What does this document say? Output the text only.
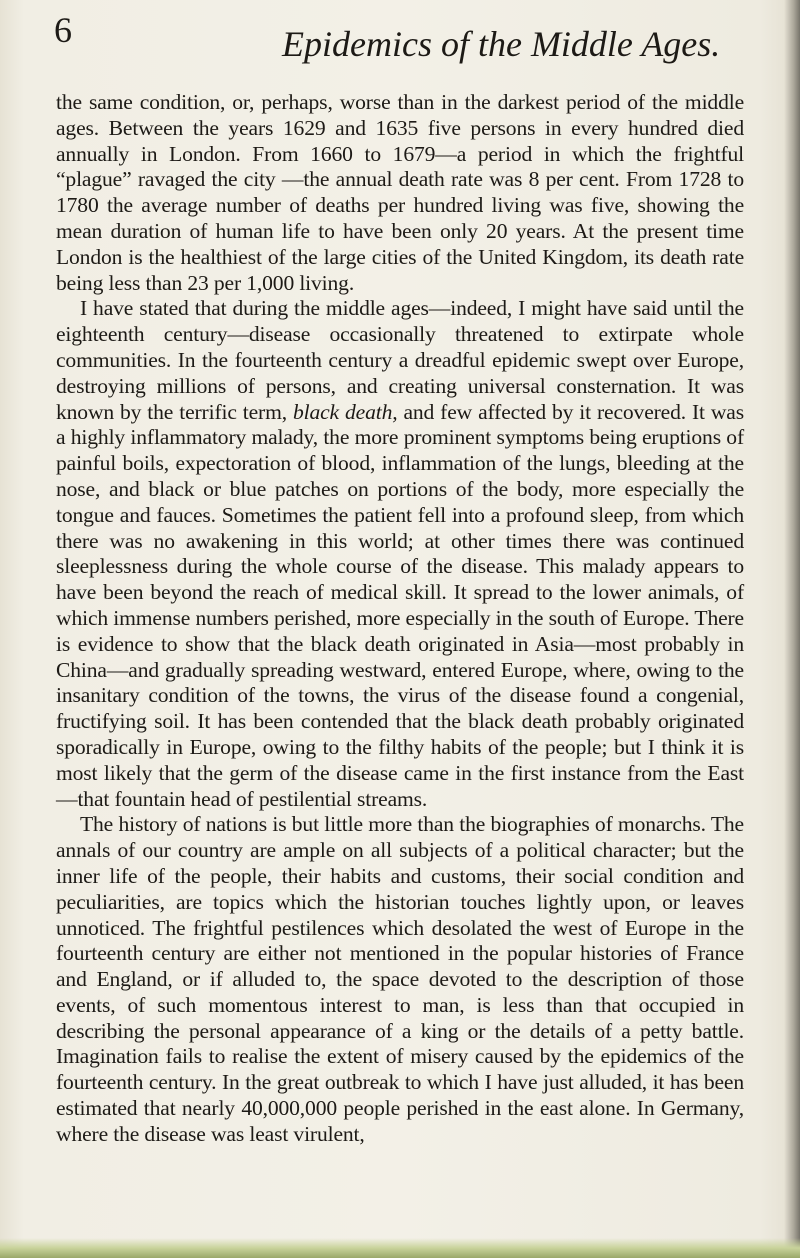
6	Epidemics of the Middle Ages.

the same condition, or, perhaps, worse than in the darkest period of the middle ages. Between the years 1629 and 1635 five persons in every hundred died annually in London. From 1660 to 1679—a period in which the frightful “plague” ravaged the city —the annual death rate was 8 per cent. From 1728 to 1780 the average number of deaths per hundred living was five, showing the mean duration of human life to have been only 20 years. At the present time London is the healthiest of the large cities of the United Kingdom, its death rate being less than 23 per 1,000 living.

I have stated that during the middle ages—indeed, I might have said until the eighteenth century—disease occasionally threatened to extirpate whole communities. In the fourteenth century a dreadful epidemic swept over Europe, destroying millions of persons, and creating universal consternation. It was known by the terrific term, black death, and few affected by it recovered. It was a highly inflammatory malady, the more prominent symptoms being eruptions of painful boils, expectoration of blood, inflammation of the lungs, bleeding at the nose, and black or blue patches on portions of the body, more especially the tongue and fauces. Sometimes the patient fell into a profound sleep, from which there was no awakening in this world; at other times there was continued sleeplessness during the whole course of the disease. This malady appears to have been beyond the reach of medical skill. It spread to the lower animals, of which immense numbers perished, more especially in the south of Europe. There is evidence to show that the black death originated in Asia—most probably in China—and gradually spreading westward, entered Europe, where, owing to the insanitary condition of the towns, the virus of the disease found a congenial, fructifying soil. It has been contended that the black death probably originated sporadically in Europe, owing to the filthy habits of the people; but I think it is most likely that the germ of the disease came in the first instance from the East—that fountain head of pestilential streams.

The history of nations is but little more than the biographies of monarchs. The annals of our country are ample on all subjects of a political character; but the inner life of the people, their habits and customs, their social condition and peculiarities, are topics which the historian touches lightly upon, or leaves unnoticed. The frightful pestilences which desolated the west of Europe in the fourteenth century are either not mentioned in the popular histories of France and England, or if alluded to, the space devoted to the description of those events, of such momentous interest to man, is less than that occupied in describing the personal appearance of a king or the details of a petty battle. Imagination fails to realise the extent of misery caused by the epidemics of the fourteenth century. In the great outbreak to which I have just alluded, it has been estimated that nearly 40,000,000 people perished in the east alone. In Germany, where the disease was least virulent,
